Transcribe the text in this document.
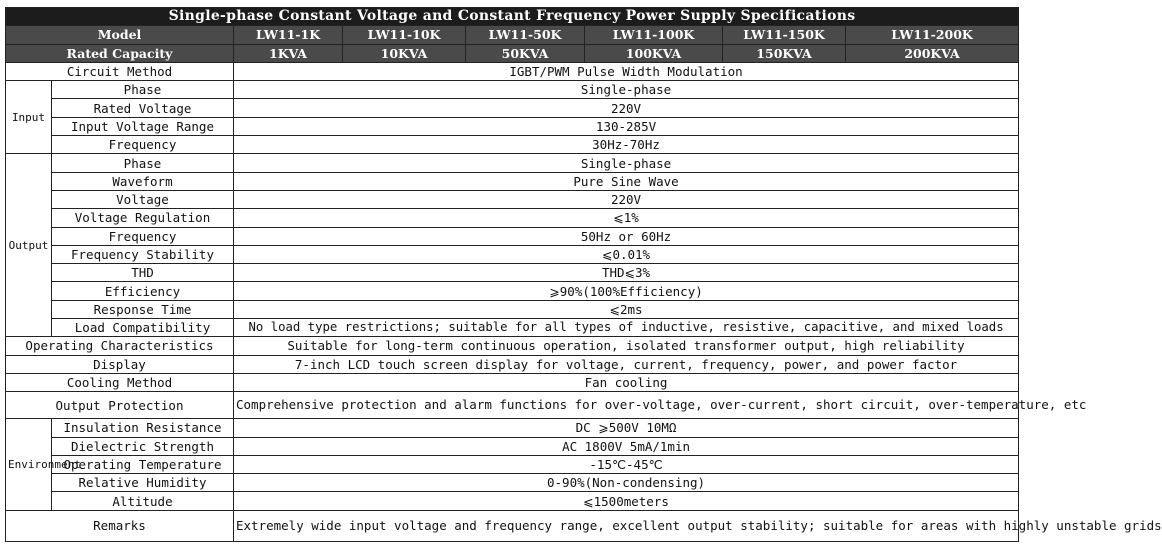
Single-phase Constant Voltage and Constant Frequency Power Supply Specifications							
Model		LW11-1K	LW11-10K	LW11-50K	LW11-100K	LW11-150K	LW11-200K
Rated Capacity		1KVA	10KVA	50KVA	100KVA	150KVA	200KVA
Circuit Method		IGBT/PWM Pulse Width Modulation					
Input	Phase	Single-phase					
	Rated Voltage	220V					
	Input Voltage Range	130-285V					
	Frequency	30Hz-70Hz					
Output	Phase	Single-phase					
	Waveform	Pure Sine Wave					
	Voltage	220V					
	Voltage Regulation	⩽1%					
	Frequency	50Hz or 60Hz					
	Frequency Stability	⩽0.01%					
	THD	THD⩽3%					
	Efficiency	⩾90%(100%Efficiency)					
	Response Time	⩽2ms					
	Load Compatibility	No load type restrictions; suitable for all types of inductive, resistive, capacitive, and mixed loads					
Operating Characteristics		Suitable for long-term continuous operation, isolated transformer output, high reliability					
Display		7-inch LCD touch screen display for voltage, current, frequency, power, and power factor					
Cooling Method		Fan cooling					
Output Protection		Comprehensive protection and alarm functions for over-voltage, over-current, short circuit, over-temperature, etc					
Environment	Insulation Resistance	DC ⩾500V 10MΩ					
	Dielectric Strength	AC 1800V 5mA/1min					
	Operating Temperature	-15℃-45℃					
	Relative Humidity	0-90%(Non-condensing)					
	Altitude	⩽1500meters					
Remarks		Extremely wide input voltage and frequency range, excellent output stability; suitable for areas with highly unstable grids					
